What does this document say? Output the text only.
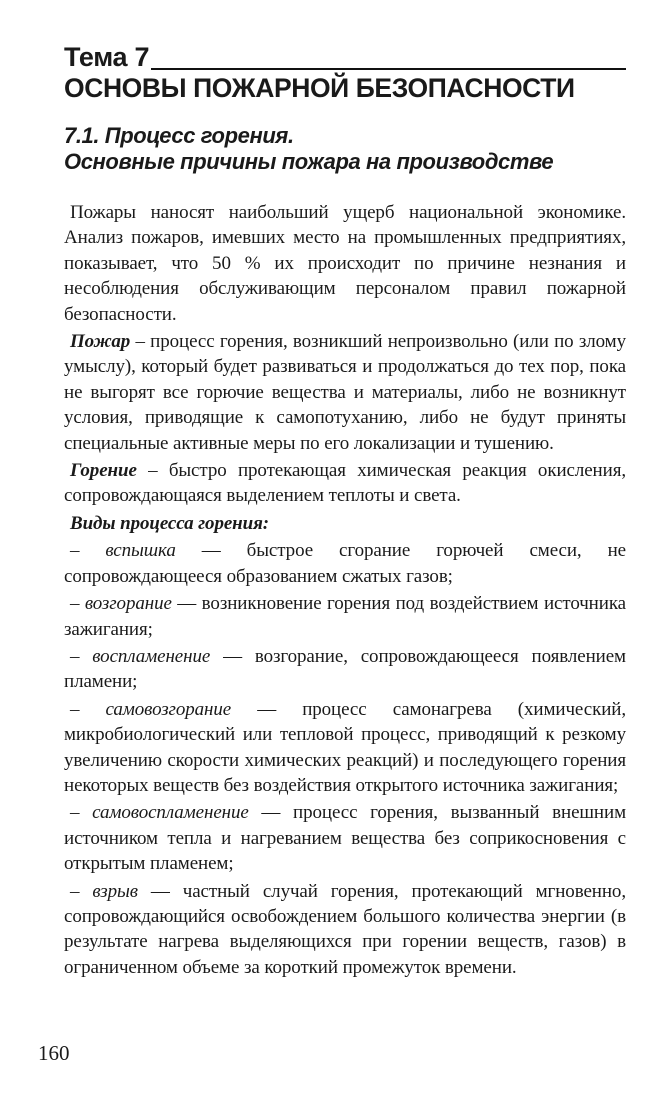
Тема 7
ОСНОВЫ ПОЖАРНОЙ БЕЗОПАСНОСТИ
7.1. Процесс горения.
Основные причины пожара на производстве

Пожары наносят наибольший ущерб национальной экономике. Анализ пожаров, имевших место на промышленных предприятиях, показывает, что 50 % их происходит по причине незнания и несоблюдения обслуживающим персоналом правил пожарной безопасности.

Пожар – процесс горения, возникший непроизвольно (или по злому умыслу), который будет развиваться и продолжаться до тех пор, пока не выгорят все горючие вещества и материалы, либо не возникнут условия, приводящие к самопотуханию, либо не будут приняты специальные активные меры по его локализации и тушению.

Горение – быстро протекающая химическая реакция окисления, сопровождающаяся выделением теплоты и света.

Виды процесса горения:

– вспышка — быстрое сгорание горючей смеси, не сопровождающееся образованием сжатых газов;

– возгорание — возникновение горения под воздействием источника зажигания;

– воспламенение — возгорание, сопровождающееся появлением пламени;

– самовозгорание — процесс самонагрева (химический, микробиологический или тепловой процесс, приводящий к резкому увеличению скорости химических реакций) и последующего горения некоторых веществ без воздействия открытого источника зажигания;

– самовоспламенение — процесс горения, вызванный внешним источником тепла и нагреванием вещества без соприкосновения с открытым пламенем;

– взрыв — частный случай горения, протекающий мгновенно, сопровождающийся освобождением большого количества энергии (в результате нагрева выделяющихся при горении веществ, газов) в ограниченном объеме за короткий промежуток времени.

160
